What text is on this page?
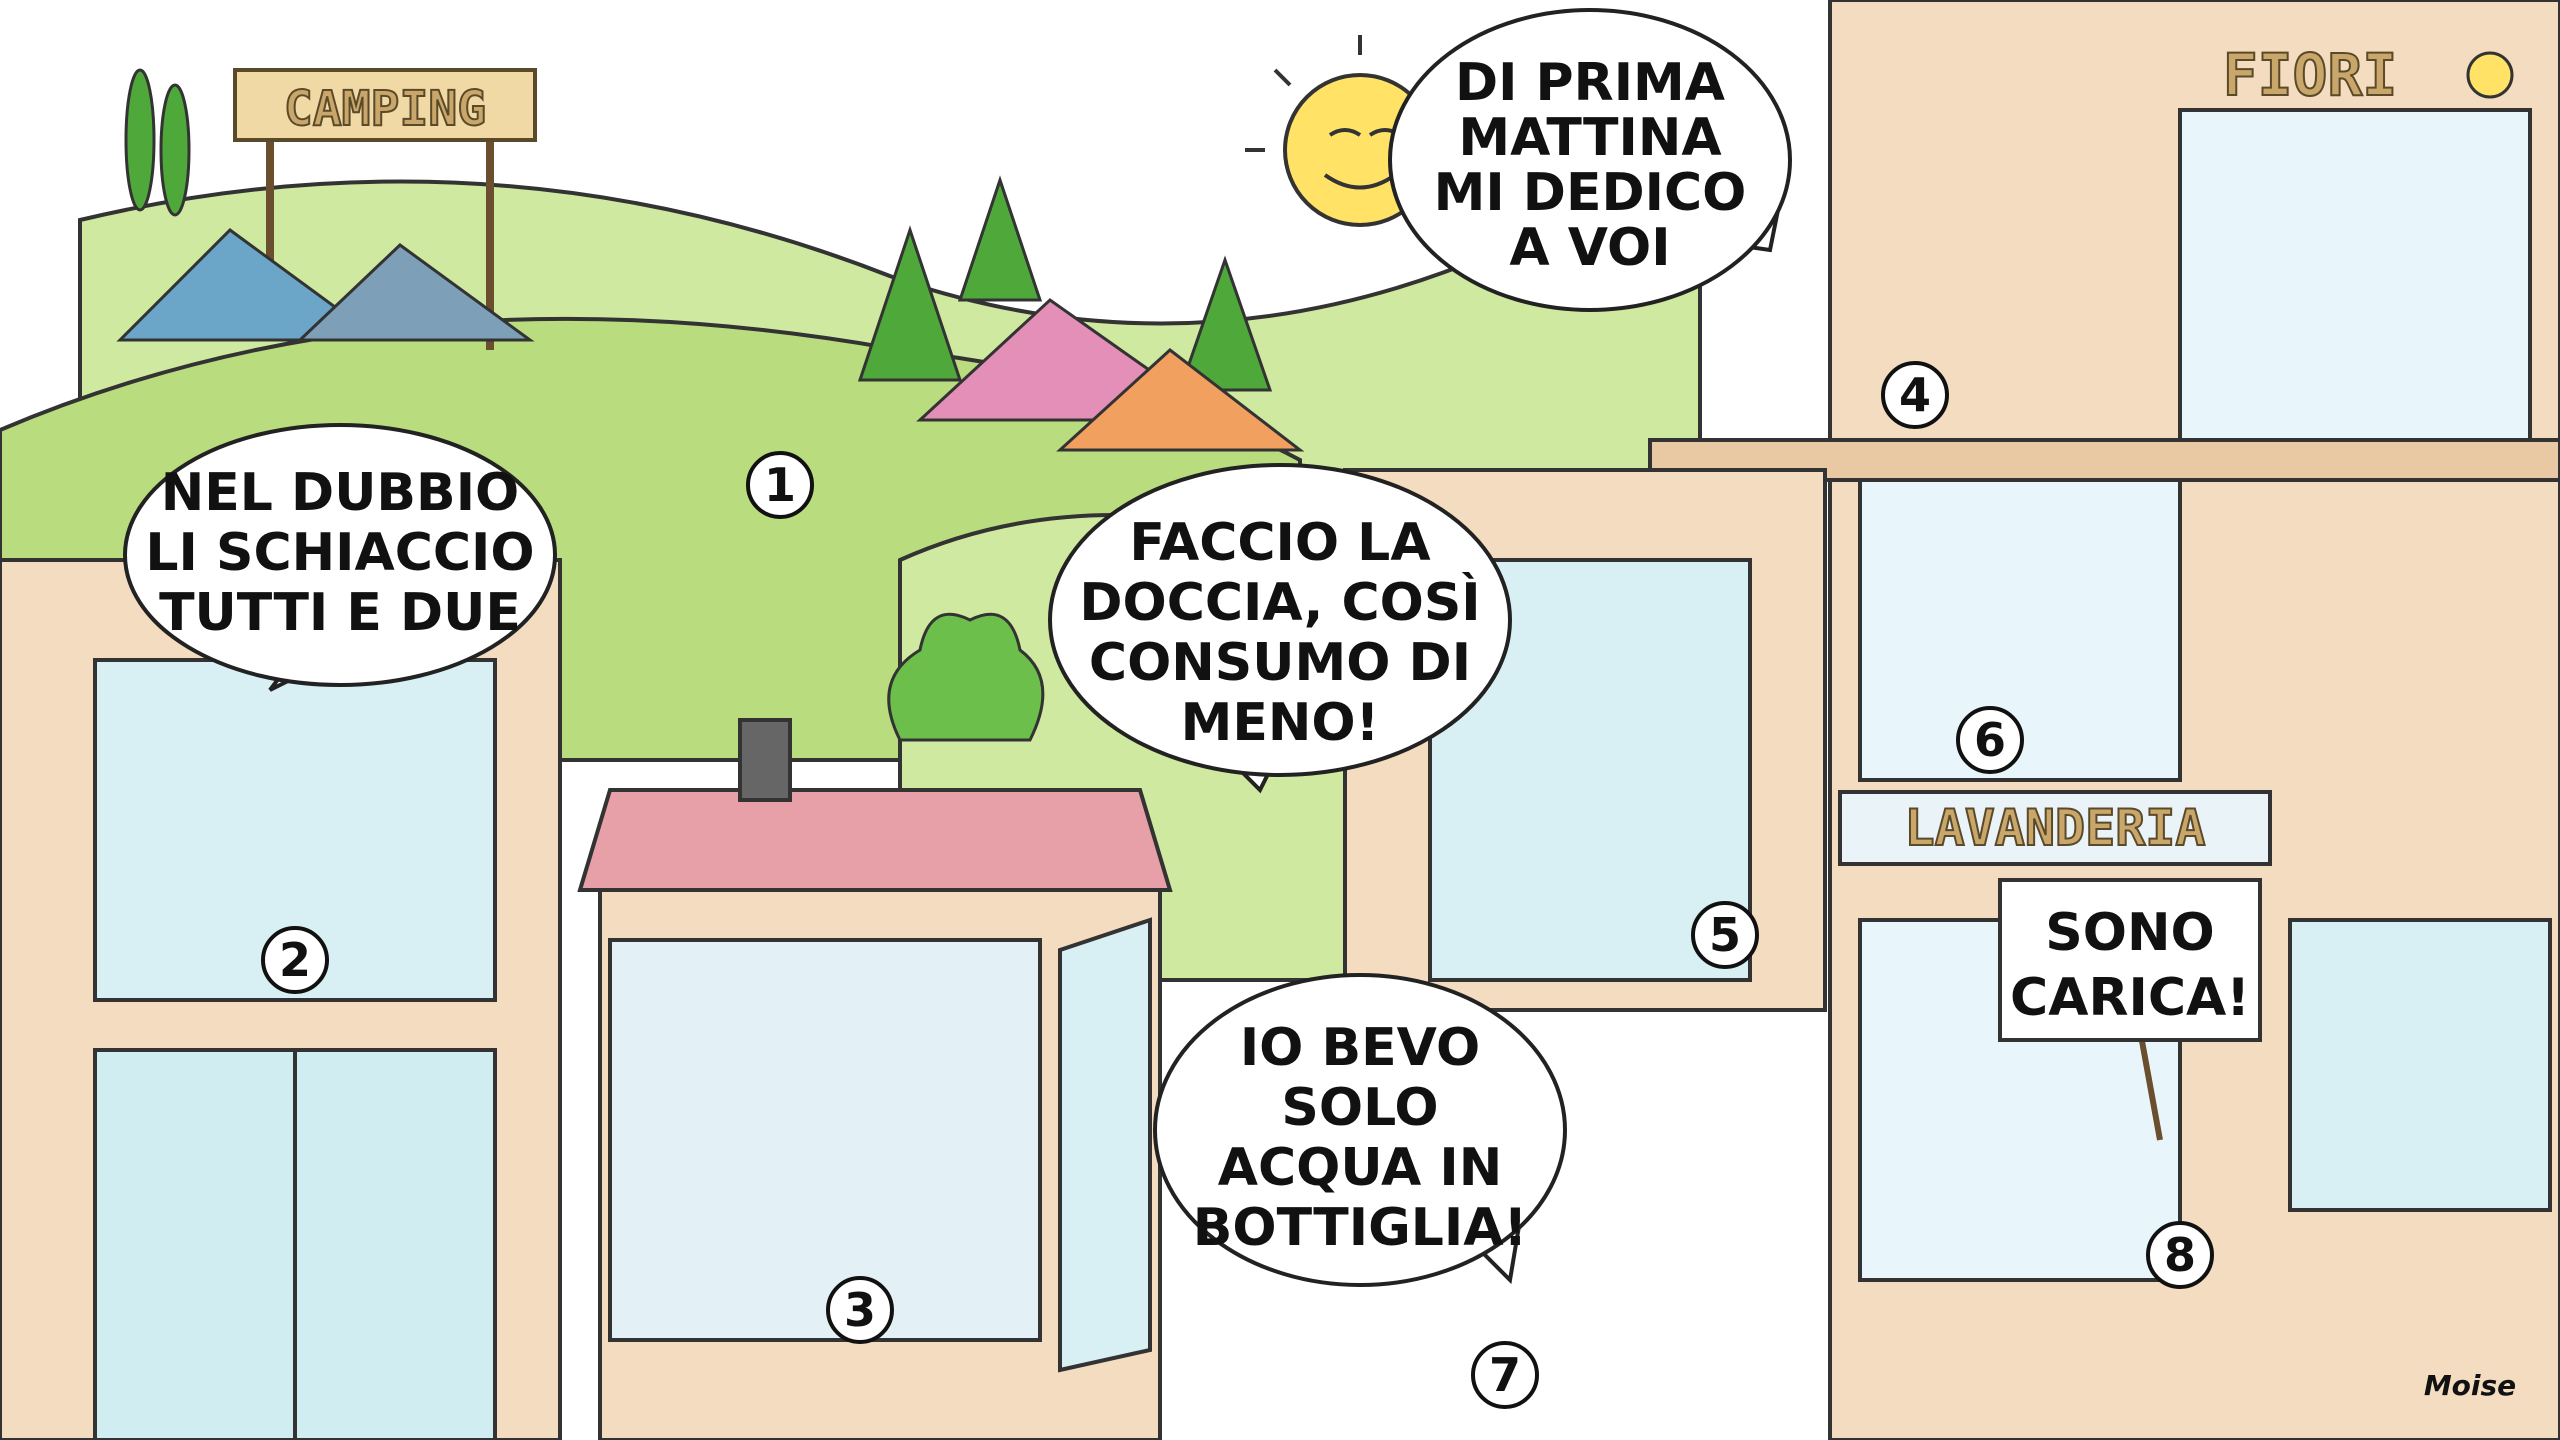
CAMPING	FIORI
LAVANDERIA
SONO
CARICA!
NEL DUBBIO
LI SCHIACCIO
TUTTI E DUE
DI PRIMA
MATTINA
MI DEDICO
A VOI
FACCIO LA
DOCCIA, COSÌ
CONSUMO DI
MENO!
IO BEVO
SOLO
ACQUA IN
BOTTIGLIA!
1
2
3
4
5
6
7
8
Moise
